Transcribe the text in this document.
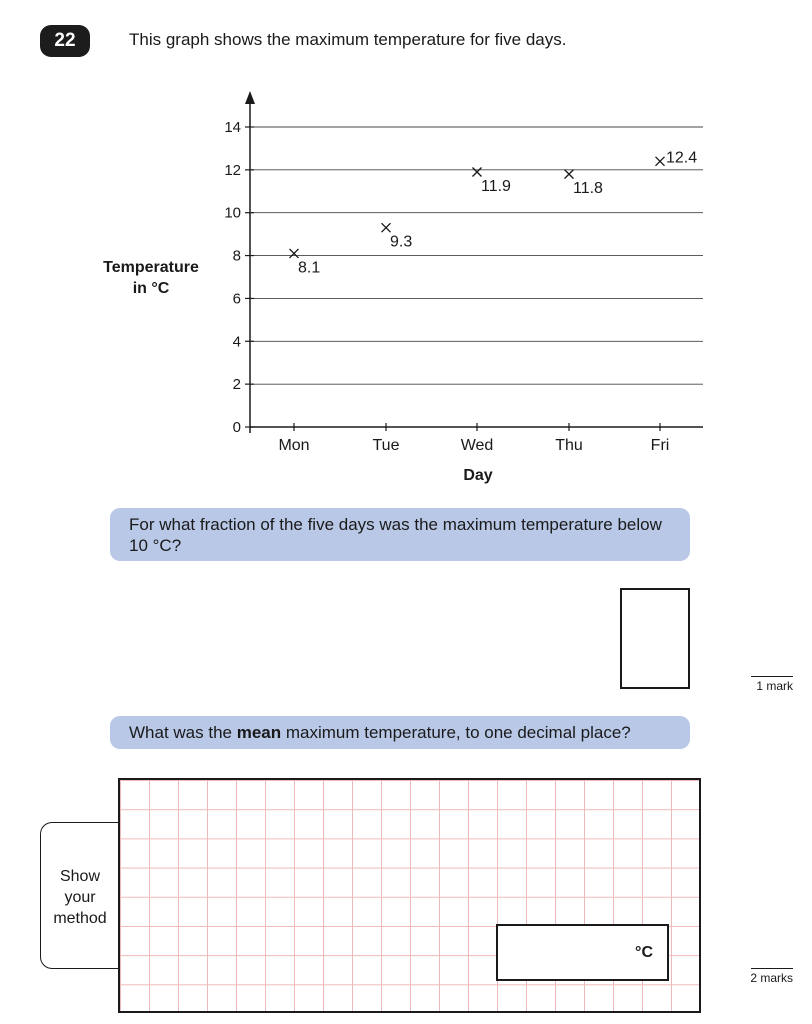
22	This graph shows the maximum temperature for five days.
0
2
4
6
8
10
12
14
Mon	Tue	Wed	Thu	Fri
8.1
9.3
11.9	11.8
12.4
Temperature
in °C
Day
For what fraction of the five days was the maximum temperature below 10 °C?
1 mark
What was the mean maximum temperature, to one decimal place?
Show
your
method
°C
2 marks
